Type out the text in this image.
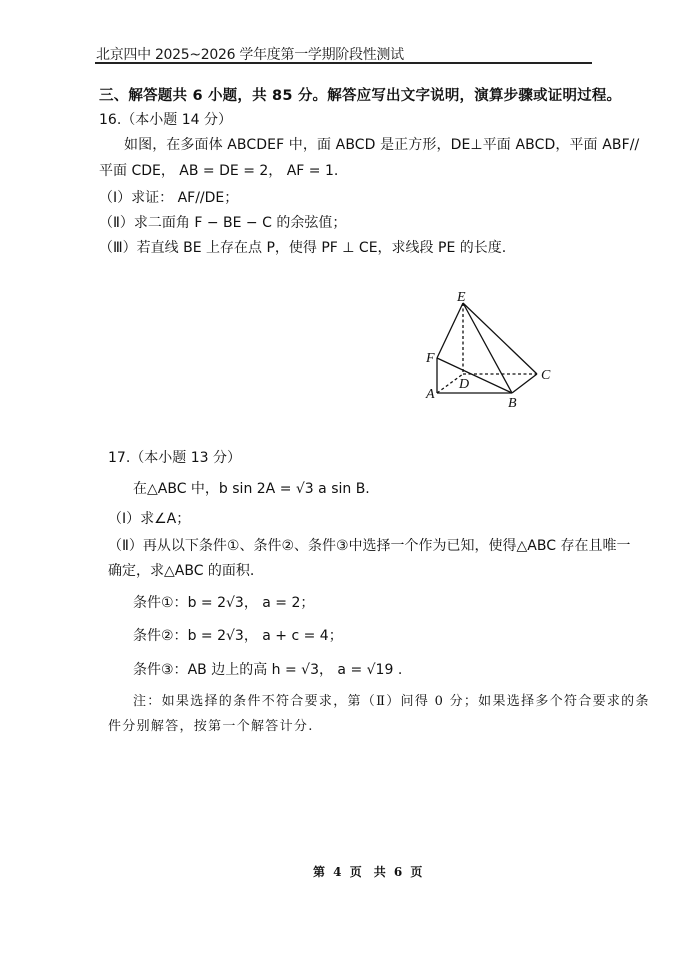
北京四中 2025~2026 学年度第一学期阶段性测试
三、解答题共 6 小题，共 85 分。解答应写出文字说明，演算步骤或证明过程。
16.（本小题 14 分）
如图，在多面体 ABCDEF 中，面 ABCD 是正方形，DE⊥平面 ABCD，平面 ABF//
平面 CDE， AB = DE = 2， AF = 1.
（Ⅰ）求证： AF//DE；
（Ⅱ）求二面角 F − BE − C 的余弦值；
（Ⅲ）若直线 BE 上存在点 P，使得 PF ⊥ CE，求线段 PE 的长度.
E
F
D
C
A
B
17.（本小题 13 分）
在△ABC 中，b sin 2A = √3 a sin B.
（Ⅰ）求∠A；
（Ⅱ）再从以下条件①、条件②、条件③中选择一个作为已知，使得△ABC 存在且唯一
确定，求△ABC 的面积.
条件①：b = 2√3， a = 2；
条件②：b = 2√3， a + c = 4；
条件③：AB 边上的高 h = √3， a = √19 .
注：如果选择的条件不符合要求，第（Ⅱ）问得 0 分；如果选择多个符合要求的条
件分别解答，按第一个解答计分.
第 4 页　共 6 页
